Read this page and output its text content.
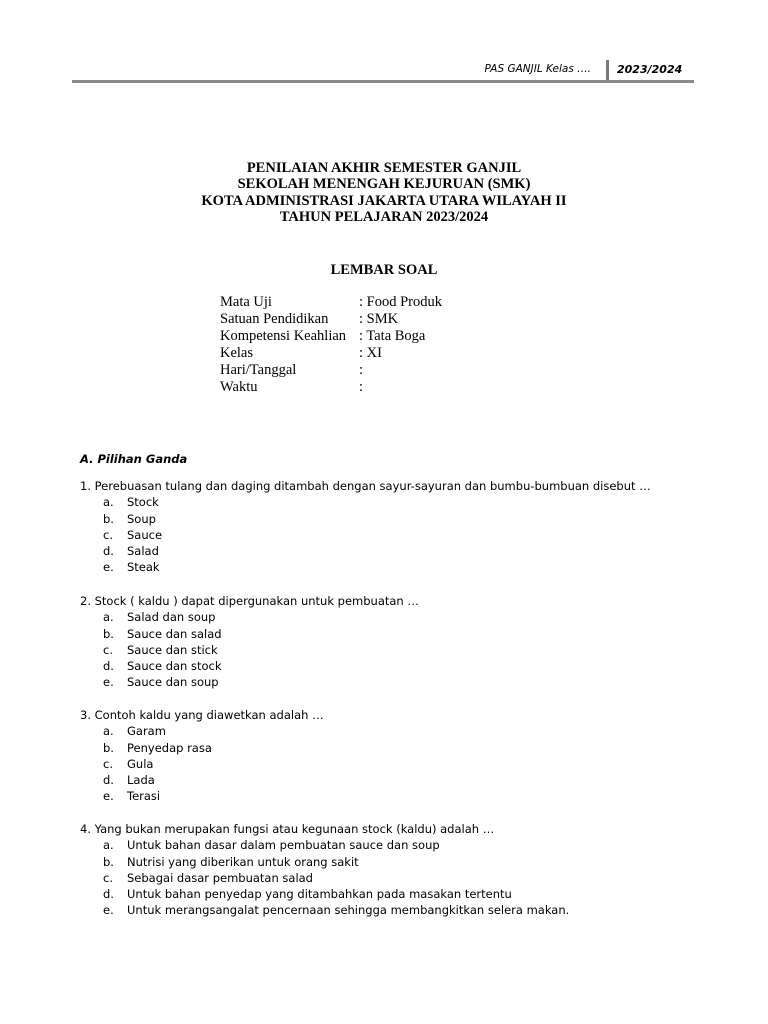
PAS GANJIL Kelas …. 2023/2024
PENILAIAN AKHIR SEMESTER GANJIL
SEKOLAH MENENGAH KEJURUAN (SMK)
KOTA ADMINISTRASI JAKARTA UTARA WILAYAH II
TAHUN PELAJARAN 2023/2024
LEMBAR SOAL
Mata Uji	: Food Produk
Satuan Pendidikan : SMK
Kompetensi Keahlian : Tata Boga
Kelas	: XI
Hari/Tanggal	:
Waktu	:
A. Pilihan Ganda
1. Perebuasan tulang dan daging ditambah dengan sayur-sayuran dan bumbu-bumbuan disebut …
a. Stock
b. Soup
c. Sauce
d. Salad
e. Steak
2. Stock ( kaldu ) dapat dipergunakan untuk pembuatan …
a. Salad dan soup
b. Sauce dan salad
c. Sauce dan stick
d. Sauce dan stock
e. Sauce dan soup
3. Contoh kaldu yang diawetkan adalah …
a. Garam
b. Penyedap rasa
c. Gula
d. Lada
e. Terasi
4. Yang bukan merupakan fungsi atau kegunaan stock (kaldu) adalah …
a. Untuk bahan dasar dalam pembuatan sauce dan soup
b. Nutrisi yang diberikan untuk orang sakit
c. Sebagai dasar pembuatan salad
d. Untuk bahan penyedap yang ditambahkan pada masakan tertentu
e. Untuk merangsangalat pencernaan sehingga membangkitkan selera makan.
